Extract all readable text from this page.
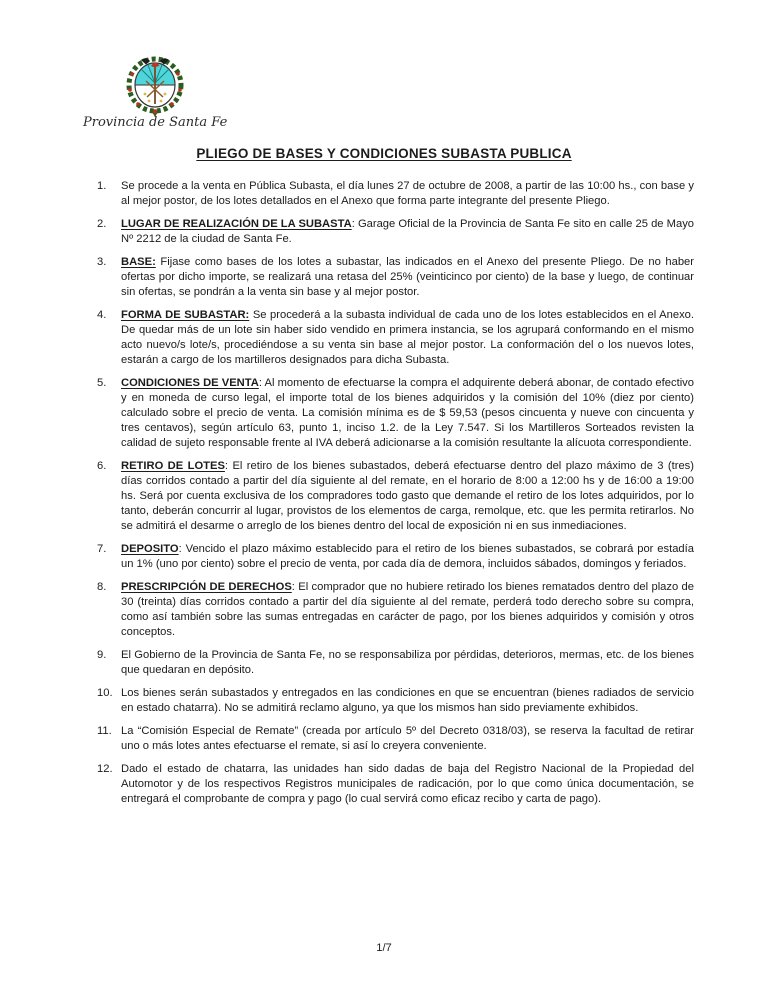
Provincia de Santa Fe
PLIEGO DE BASES Y CONDICIONES SUBASTA PUBLICA
1.	Se procede a la venta en Pública Subasta, el día lunes 27 de octubre de 2008, a partir de las 10:00 hs., con base y al mejor postor, de los lotes detallados en el Anexo que forma parte integrante del presente Pliego.

2.	LUGAR DE REALIZACIÓN DE LA SUBASTA: Garage Oficial de la Provincia de Santa Fe sito en calle 25 de Mayo Nº 2212 de la ciudad de Santa Fe.

3.	BASE: Fijase como bases de los lotes a subastar, las indicados en el Anexo del presente Pliego. De no haber ofertas por dicho importe, se realizará una retasa del 25% (veinticinco por ciento) de la base y luego, de continuar sin ofertas, se pondrán a la venta sin base y al mejor postor.

4.	FORMA DE SUBASTAR: Se procederá a la subasta individual de cada uno de los lotes establecidos en el Anexo. De quedar más de un lote sin haber sido vendido en primera instancia, se los agrupará conformando en el mismo acto nuevo/s lote/s, procediéndose a su venta sin base al mejor postor. La conformación del o los nuevos lotes, estarán a cargo de los martilleros designados para dicha Subasta.

5.	CONDICIONES DE VENTA: Al momento de efectuarse la compra el adquirente deberá abonar, de contado efectivo y en moneda de curso legal, el importe total de los bienes adquiridos y la comisión del 10% (diez por ciento) calculado sobre el precio de venta. La comisión mínima es de $ 59,53 (pesos cincuenta y nueve con cincuenta y tres centavos), según artículo 63, punto 1, inciso 1.2. de la Ley 7.547. Si los Martilleros Sorteados revisten la calidad de sujeto responsable frente al IVA deberá adicionarse a la comisión resultante la alícuota correspondiente.

6.	RETIRO DE LOTES: El retiro de los bienes subastados, deberá efectuarse dentro del plazo máximo de 3 (tres) días corridos contado a partir del día siguiente al del remate, en el horario de 8:00 a 12:00 hs y de 16:00 a 19:00 hs. Será por cuenta exclusiva de los compradores todo gasto que demande el retiro de los lotes adquiridos, por lo tanto, deberán concurrir al lugar, provistos de los elementos de carga, remolque, etc. que les permita retirarlos. No se admitirá el desarme o arreglo de los bienes dentro del local de exposición ni en sus inmediaciones.

7.	DEPOSITO: Vencido el plazo máximo establecido para el retiro de los bienes subastados, se cobrará por estadía un 1% (uno por ciento) sobre el precio de venta, por cada día de demora, incluidos sábados, domingos y feriados.

8.	PRESCRIPCIÓN DE DERECHOS: El comprador que no hubiere retirado los bienes rematados dentro del plazo de 30 (treinta) días corridos contado a partir del día siguiente al del remate, perderá todo derecho sobre su compra, como así también sobre las sumas entregadas en carácter de pago, por los bienes adquiridos y comisión y otros conceptos.

9.	El Gobierno de la Provincia de Santa Fe, no se responsabiliza por pérdidas, deterioros, mermas, etc. de los bienes que quedaran en depósito.

10. Los bienes serán subastados y entregados en las condiciones en que se encuentran (bienes radiados de servicio en estado chatarra). No se admitirá reclamo alguno, ya que los mismos han sido previamente exhibidos.

11. La “Comisión Especial de Remate” (creada por artículo 5º del Decreto 0318/03), se reserva la facultad de retirar uno o más lotes antes efectuarse el remate, si así lo creyera conveniente.

12. Dado el estado de chatarra, las unidades han sido dadas de baja del Registro Nacional de la Propiedad del Automotor y de los respectivos Registros municipales de radicación, por lo que como única documentación, se entregará el comprobante de compra y pago (lo cual servirá como eficaz recibo y carta de pago).

1/7
